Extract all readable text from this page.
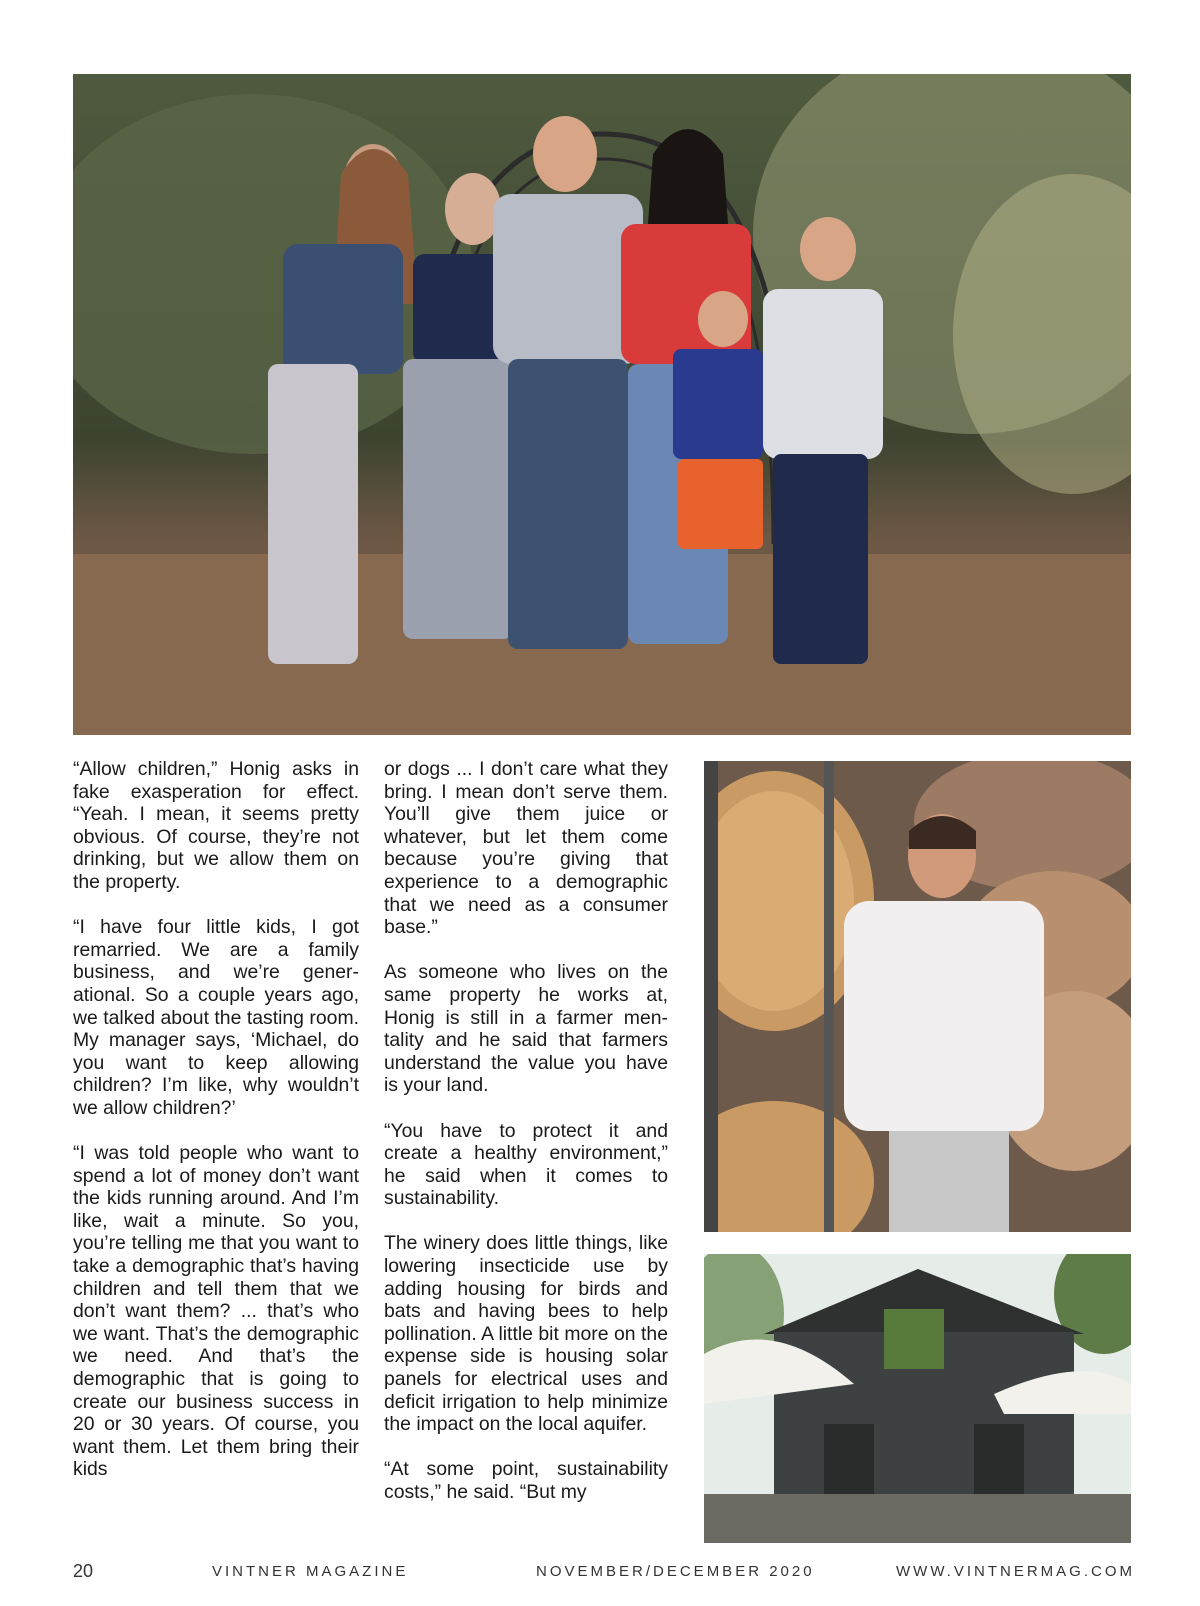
“Allow children,” Honig asks in fake exasperation for effect. “Yeah. I mean, it seems pretty obvious. Of course, they’re not drinking, but we allow them on the property.

“I have four little kids, I got remarried. We are a family business, and we’re generational. So a couple years ago, we talked about the tasting room. My manager says, ‘Michael, do you want to keep allowing children? I’m like, why wouldn’t we allow children?’

“I was told people who want to spend a lot of money don’t want the kids running around. And I’m like, wait a minute. So you, you’re telling me that you want to take a demographic that’s having children and tell them that we don’t want them? ... that’s who we want. That’s the demographic we need. And that’s the demographic that is going to create our business success in 20 or 30 years. Of course, you want them. Let them bring their kids

or dogs ... I don’t care what they bring. I mean don’t serve them. You’ll give them juice or whatever, but let them come because you’re giving that experience to a demographic that we need as a consumer base.”

As someone who lives on the same property he works at, Honig is still in a farmer mentality and he said that farmers understand the value you have is your land.

“You have to protect it and create a healthy environment,” he said when it comes to sustainability.

The winery does little things, like lowering insecticide use by adding housing for birds and bats and having bees to help pollination. A little bit more on the expense side is housing solar panels for electrical uses and deficit irrigation to help minimize the impact on the local aquifer.

“At some point, sustainability costs,” he said. “But my

20	VINTNER MAGAZINE	NOVEMBER/DECEMBER 2020	WWW.VINTNERMAG.COM
